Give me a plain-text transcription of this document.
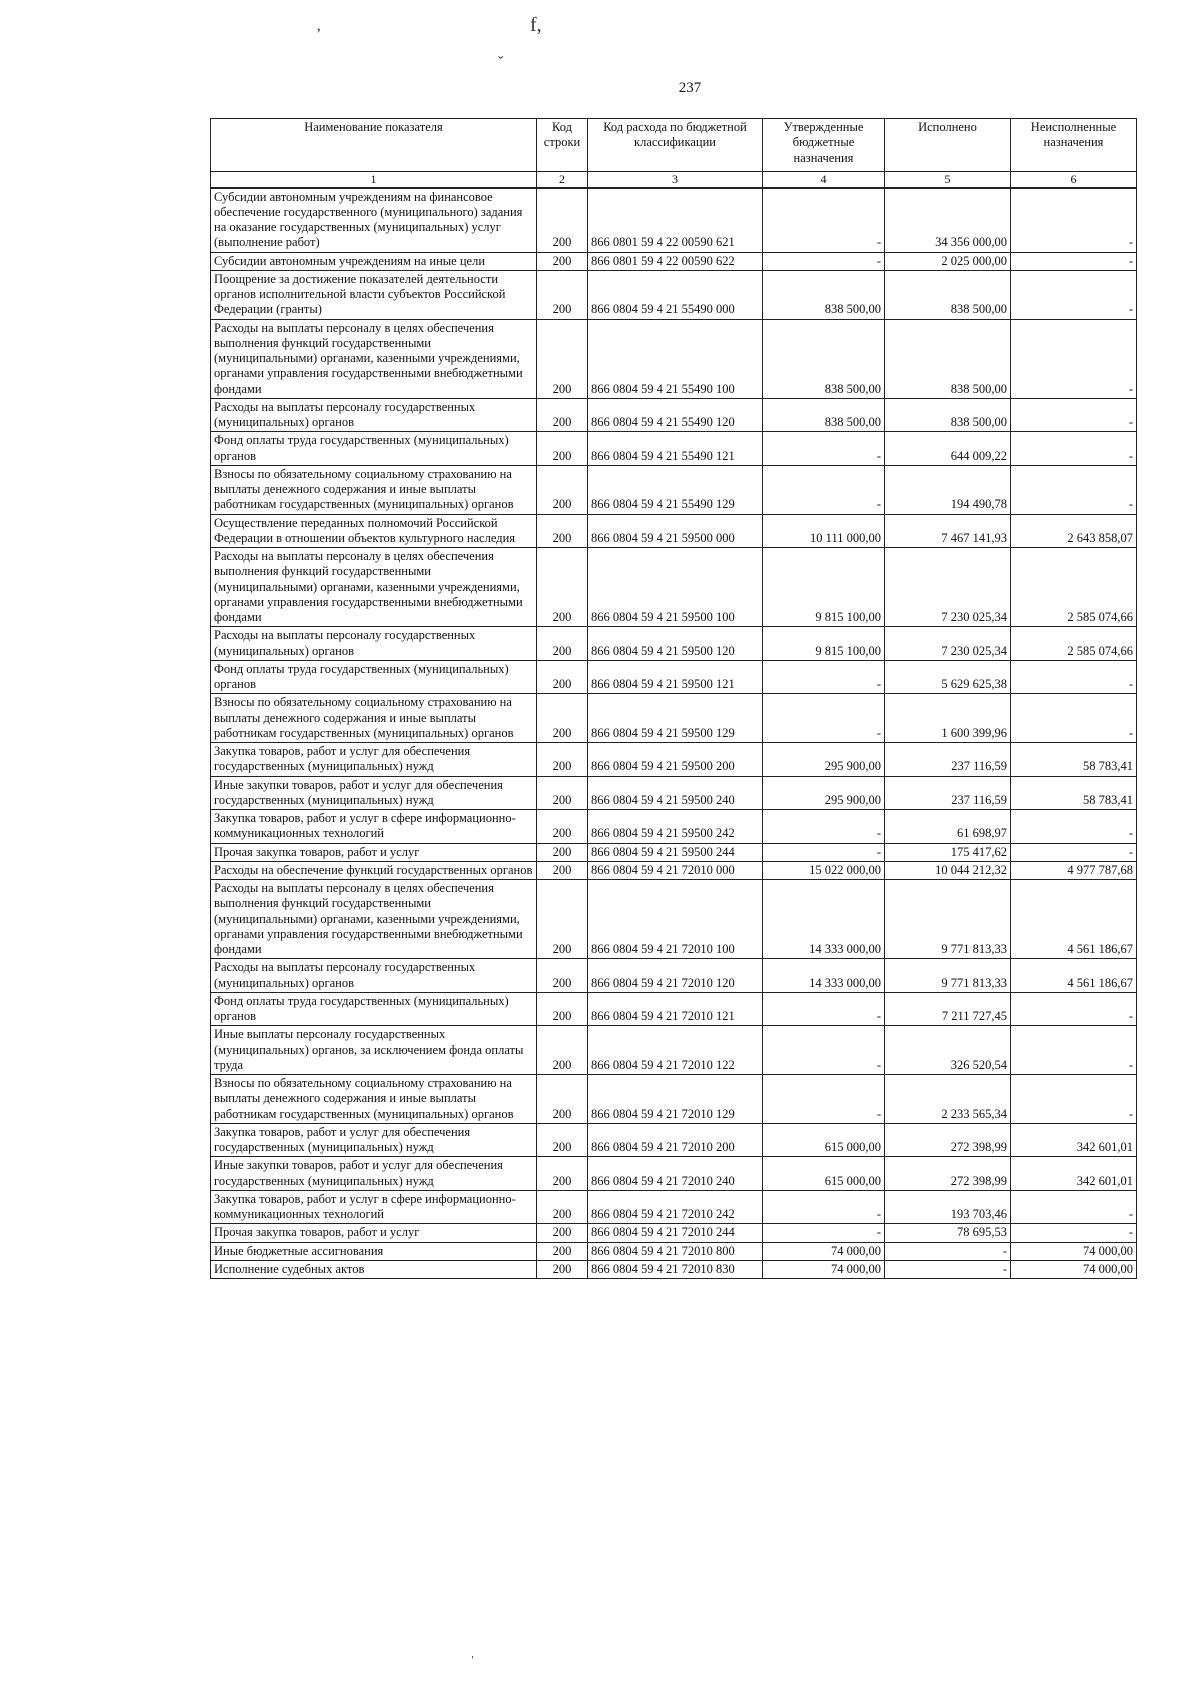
f,
’
ˇ
237
Наименование показателя	Код строки	Код расхода по бюджетной классификации	Утвержденные бюджетные назначения	Исполнено	Неисполненные назначения
1	2	3	4	5	6
Субсидии автономным учреждениям на финансовое обеспечение государственного (муниципального) задания на оказание государственных (муниципальных) услуг (выполнение работ)	200	866 0801 59 4 22 00590 621	-	34 356 000,00	-
Субсидии автономным учреждениям на иные цели	200	866 0801 59 4 22 00590 622	-	2 025 000,00	-
Поощрение за достижение показателей деятельности органов исполнительной власти субъектов Российской Федерации (гранты)	200	866 0804 59 4 21 55490 000	838 500,00	838 500,00	-
Расходы на выплаты персоналу в целях обеспечения выполнения функций государственными (муниципальными) органами, казенными учреждениями, органами управления государственными внебюджетными фондами	200	866 0804 59 4 21 55490 100	838 500,00	838 500,00	-
Расходы на выплаты персоналу государственных (муниципальных) органов	200	866 0804 59 4 21 55490 120	838 500,00	838 500,00	-
Фонд оплаты труда государственных (муниципальных) органов	200	866 0804 59 4 21 55490 121	-	644 009,22	-
Взносы по обязательному социальному страхованию на выплаты денежного содержания и иные выплаты работникам государственных (муниципальных) органов	200	866 0804 59 4 21 55490 129	-	194 490,78	-
Осуществление переданных полномочий Российской Федерации в отношении объектов культурного наследия	200	866 0804 59 4 21 59500 000	10 111 000,00	7 467 141,93	2 643 858,07
Расходы на выплаты персоналу в целях обеспечения выполнения функций государственными (муниципальными) органами, казенными учреждениями, органами управления государственными внебюджетными фондами	200	866 0804 59 4 21 59500 100	9 815 100,00	7 230 025,34	2 585 074,66
Расходы на выплаты персоналу государственных (муниципальных) органов	200	866 0804 59 4 21 59500 120	9 815 100,00	7 230 025,34	2 585 074,66
Фонд оплаты труда государственных (муниципальных) органов	200	866 0804 59 4 21 59500 121	-	5 629 625,38	-
Взносы по обязательному социальному страхованию на выплаты денежного содержания и иные выплаты работникам государственных (муниципальных) органов	200	866 0804 59 4 21 59500 129	-	1 600 399,96	-
Закупка товаров, работ и услуг для обеспечения государственных (муниципальных) нужд	200	866 0804 59 4 21 59500 200	295 900,00	237 116,59	58 783,41
Иные закупки товаров, работ и услуг для обеспечения государственных (муниципальных) нужд	200	866 0804 59 4 21 59500 240	295 900,00	237 116,59	58 783,41
Закупка товаров, работ и услуг в сфере информационно-коммуникационных технологий	200	866 0804 59 4 21 59500 242	-	61 698,97	-
Прочая закупка товаров, работ и услуг	200	866 0804 59 4 21 59500 244	-	175 417,62	-
Расходы на обеспечение функций государственных органов	200	866 0804 59 4 21 72010 000	15 022 000,00	10 044 212,32	4 977 787,68
Расходы на выплаты персоналу в целях обеспечения выполнения функций государственными (муниципальными) органами, казенными учреждениями, органами управления государственными внебюджетными фондами	200	866 0804 59 4 21 72010 100	14 333 000,00	9 771 813,33	4 561 186,67
Расходы на выплаты персоналу государственных (муниципальных) органов	200	866 0804 59 4 21 72010 120	14 333 000,00	9 771 813,33	4 561 186,67
Фонд оплаты труда государственных (муниципальных) органов	200	866 0804 59 4 21 72010 121	-	7 211 727,45	-
Иные выплаты персоналу государственных (муниципальных) органов, за исключением фонда оплаты труда	200	866 0804 59 4 21 72010 122	-	326 520,54	-
Взносы по обязательному социальному страхованию на выплаты денежного содержания и иные выплаты работникам государственных (муниципальных) органов	200	866 0804 59 4 21 72010 129	-	2 233 565,34	-
Закупка товаров, работ и услуг для обеспечения государственных (муниципальных) нужд	200	866 0804 59 4 21 72010 200	615 000,00	272 398,99	342 601,01
Иные закупки товаров, работ и услуг для обеспечения государственных (муниципальных) нужд	200	866 0804 59 4 21 72010 240	615 000,00	272 398,99	342 601,01
Закупка товаров, работ и услуг в сфере информационно-коммуникационных технологий	200	866 0804 59 4 21 72010 242	-	193 703,46	-
Прочая закупка товаров, работ и услуг	200	866 0804 59 4 21 72010 244	-	78 695,53	-
Иные бюджетные ассигнования	200	866 0804 59 4 21 72010 800	74 000,00	-	74 000,00
Исполнение судебных актов	200	866 0804 59 4 21 72010 830	74 000,00	-	74 000,00
ˌ
